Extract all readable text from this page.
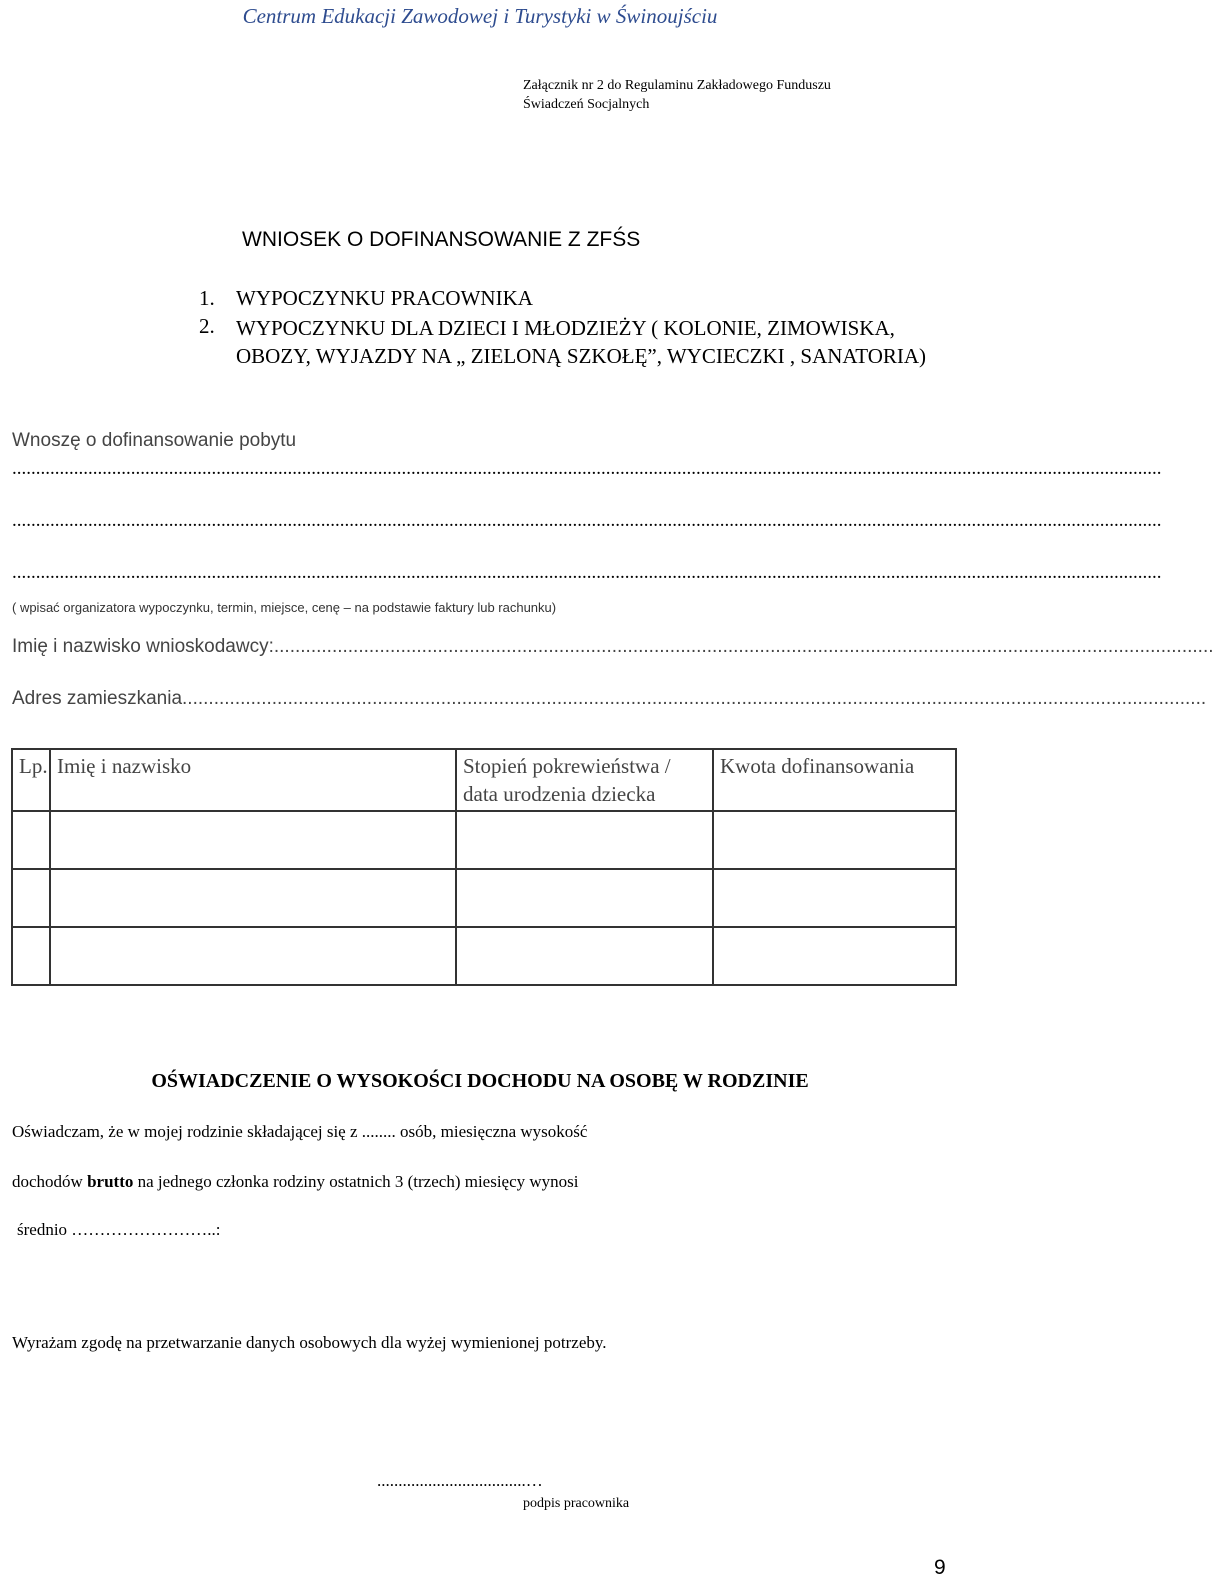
Centrum Edukacji Zawodowej i Turystyki w Świnoujściu
Załącznik nr 2 do Regulaminu Zakładowego Funduszu
Świadczeń Socjalnych
WNIOSEK O DOFINANSOWANIE Z ZFŚS
1. WYPOCZYNKU PRACOWNIKA
2. WYPOCZYNKU DLA DZIECI I MŁODZIEŻY ( KOLONIE, ZIMOWISKA, OBOZY, WYJAZDY NA „ ZIELONĄ SZKOŁĘ”, WYCIECZKI , SANATORIA)
Wnoszę o dofinansowanie pobytu
..................................................................................................................................................................................................................................................
..................................................................................................................................................................................................................................................
..................................................................................................................................................................................................................................................
( wpisać organizatora wypoczynku, termin, miejsce, cenę – na podstawie faktury lub rachunku)
Imię i nazwisko wnioskodawcy:..................................................................................................................................................................................
Adres zamieszkania..................................................................................................................................................................................................
Lp.	Imię i nazwisko	Stopień pokrewieństwa / data urodzenia dziecka	Kwota dofinansowania

OŚWIADCZENIE O WYSOKOŚCI DOCHODU NA OSOBĘ W RODZINIE
Oświadczam, że w mojej rodzinie składającej się z ........ osób, miesięczna wysokość
dochodów brutto na jednego członka rodziny ostatnich 3 (trzech) miesięcy wynosi
średnio ……………………..:
Wyrażam zgodę na przetwarzanie danych osobowych dla wyżej wymienionej potrzeby.
...................................…
podpis pracownika
9
